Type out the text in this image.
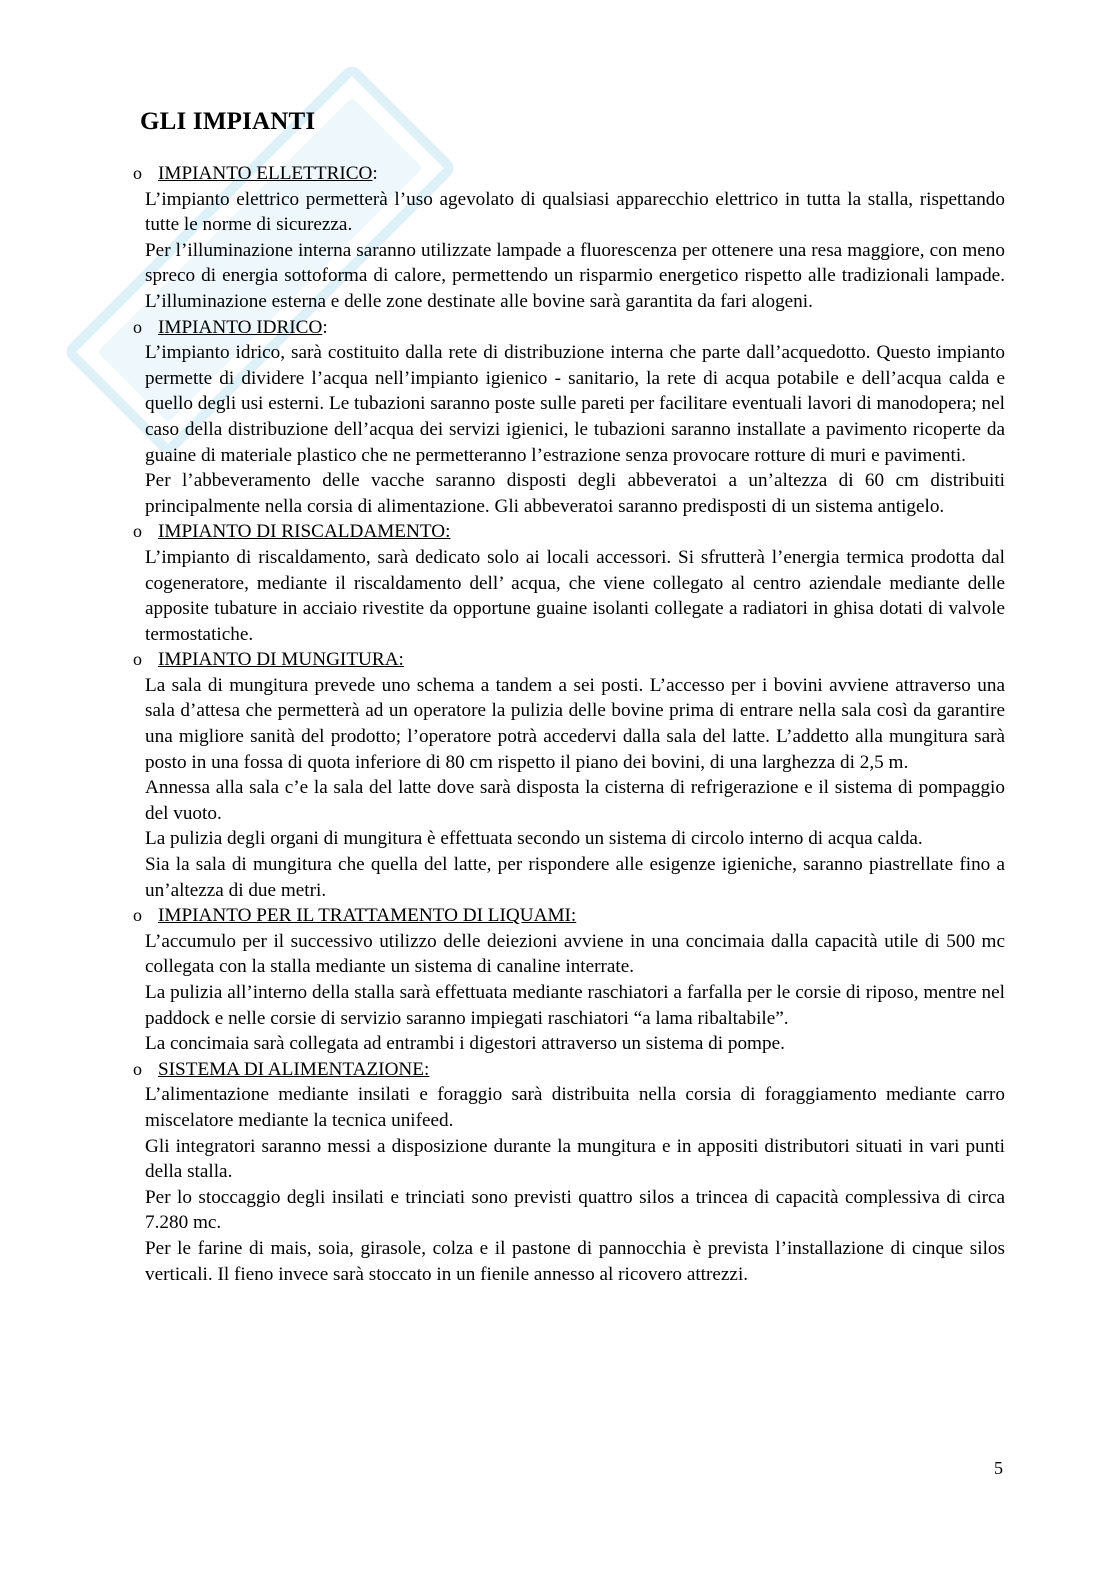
GLI IMPIANTI
o IMPIANTO ELLETTRICO :

L’impianto elettrico permetterà l’uso agevolato di qualsiasi apparecchio elettrico in tutta la stalla, rispettando tutte le norme di sicurezza.

Per l’illuminazione interna saranno utilizzate lampade a fluorescenza per ottenere una resa maggiore, con meno spreco di energia sottoforma di calore, permettendo un risparmio energetico rispetto alle tradizionali lampade. L’illuminazione esterna e delle zone destinate alle bovine sarà garantita da fari alogeni.

o IMPIANTO IDRICO :

L’impianto idrico, sarà costituito dalla rete di distribuzione interna che parte dall’acquedotto. Questo impianto permette di dividere l’acqua nell’impianto igienico - sanitario, la rete di acqua potabile e dell’acqua calda e quello degli usi esterni. Le tubazioni saranno poste sulle pareti per facilitare eventuali lavori di manodopera; nel caso della distribuzione dell’acqua dei servizi igienici, le tubazioni saranno installate a pavimento ricoperte da guaine di materiale plastico che ne permetteranno l’estrazione senza provocare rotture di muri e pavimenti.

Per l’abbeveramento delle vacche saranno disposti degli abbeveratoi a un’altezza di 60 cm distribuiti principalmente nella corsia di alimentazione. Gli abbeveratoi saranno predisposti di un sistema antigelo.

o IMPIANTO DI RISCALDAMENTO:

L’impianto di riscaldamento, sarà dedicato solo ai locali accessori. Si sfrutterà l’energia termica prodotta dal cogeneratore, mediante il riscaldamento dell’ acqua, che viene collegato al centro aziendale mediante delle apposite tubature in acciaio rivestite da opportune guaine isolanti collegate a radiatori in ghisa dotati di valvole termostatiche.

o IMPIANTO DI MUNGITURA:

La sala di mungitura prevede uno schema a tandem a sei posti. L’accesso per i bovini avviene attraverso una sala d’attesa che permetterà ad un operatore la pulizia delle bovine prima di entrare nella sala così da garantire una migliore sanità del prodotto; l’operatore potrà accedervi dalla sala del latte. L’addetto alla mungitura sarà posto in una fossa di quota inferiore di 80 cm rispetto il piano dei bovini, di una larghezza di 2,5 m.

Annessa alla sala c’e la sala del latte dove sarà disposta la cisterna di refrigerazione e il sistema di pompaggio del vuoto.

La pulizia degli organi di mungitura è effettuata secondo un sistema di circolo interno di acqua calda.

Sia la sala di mungitura che quella del latte, per rispondere alle esigenze igieniche, saranno piastrellate fino a un’altezza di due metri.

o IMPIANTO PER IL TRATTAMENTO DI LIQUAMI:

L’accumulo per il successivo utilizzo delle deiezioni avviene in una concimaia dalla capacità utile di 500 mc collegata con la stalla mediante un sistema di canaline interrate.

La pulizia all’interno della stalla sarà effettuata mediante raschiatori a farfalla per le corsie di riposo, mentre nel paddock e nelle corsie di servizio saranno impiegati raschiatori “a lama ribaltabile”.

La concimaia sarà collegata ad entrambi i digestori attraverso un sistema di pompe.

o SISTEMA DI ALIMENTAZIONE:

L’alimentazione mediante insilati e foraggio sarà distribuita nella corsia di foraggiamento mediante carro miscelatore mediante la tecnica unifeed.

Gli integratori saranno messi a disposizione durante la mungitura e in appositi distributori situati in vari punti della stalla.

Per lo stoccaggio degli insilati e trinciati sono previsti quattro silos a trincea di capacità complessiva di circa 7.280 mc.

Per le farine di mais, soia, girasole, colza e il pastone di pannocchia è prevista l’installazione di cinque silos verticali. Il fieno invece sarà stoccato in un fienile annesso al ricovero attrezzi.

5
